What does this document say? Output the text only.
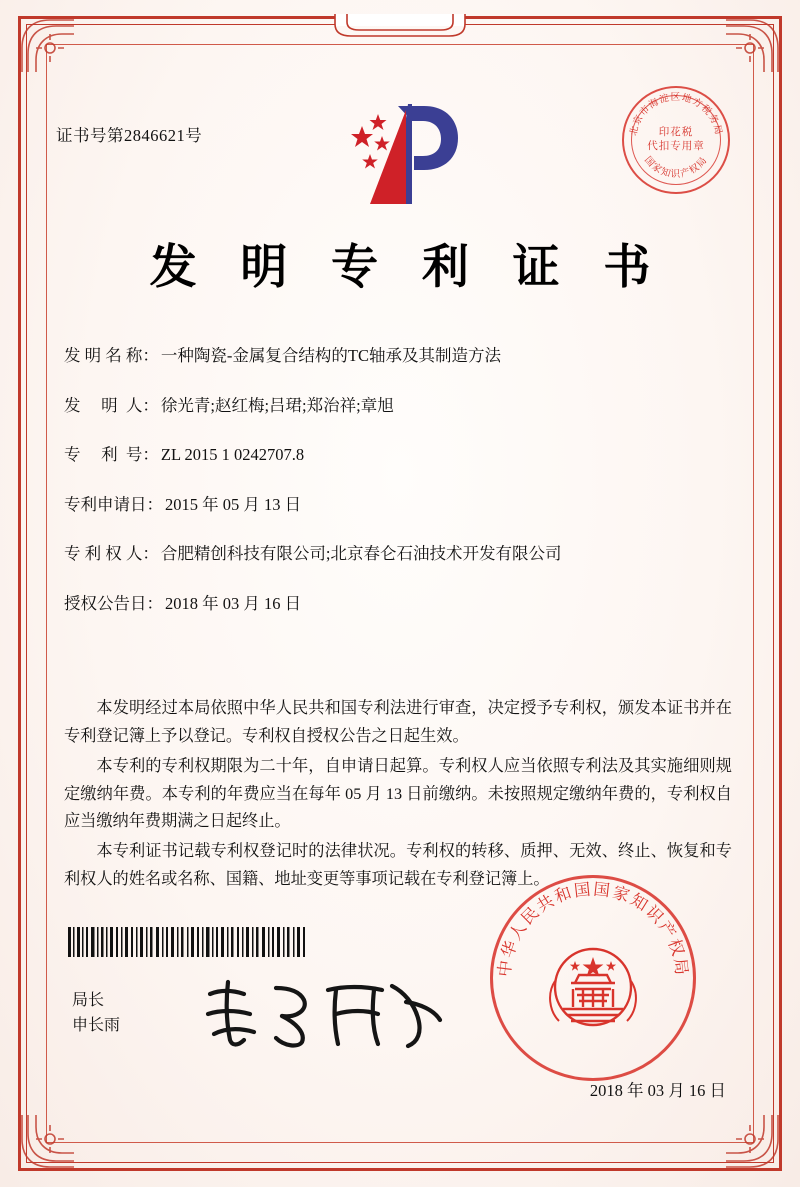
证书号第2846621号	北京市海淀区地方税务局
国家知识产权局
印花税
代扣专用章
发 明 专 利 证 书
发 明 名 称： 一种陶瓷-金属复合结构的TC轴承及其制造方法
发     明  人： 徐光青;赵红梅;吕珺;郑治祥;章旭
专     利  号： ZL 2015 1 0242707.8
专利申请日： 2015 年 05 月 13 日
专 利 权 人： 合肥精创科技有限公司;北京春仑石油技术开发有限公司
授权公告日： 2018 年 03 月 16 日

本发明经过本局依照中华人民共和国专利法进行审查，决定授予专利权，颁发本证书并在专利登记簿上予以登记。专利权自授权公告之日起生效。

本专利的专利权期限为二十年，自申请日起算。专利权人应当依照专利法及其实施细则规定缴纳年费。本专利的年费应当在每年 05 月 13 日前缴纳。未按照规定缴纳年费的，专利权自应当缴纳年费期满之日起终止。

本专利证书记载专利权登记时的法律状况。专利权的转移、质押、无效、终止、恢复和专利权人的姓名或名称、国籍、地址变更等事项记载在专利登记簿上。

局长
申长雨
中华人民共和国国家知识产权局
2018 年 03 月 16 日
